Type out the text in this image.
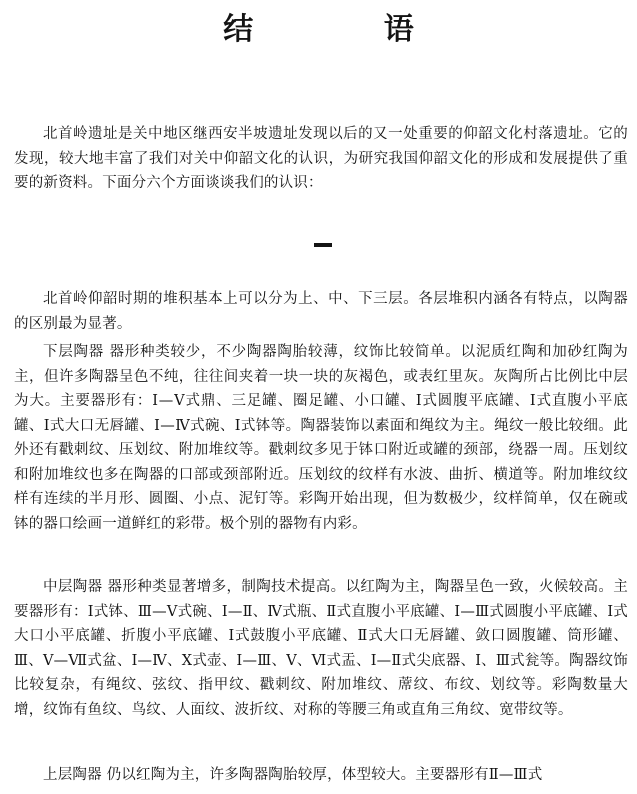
结 语

北首岭遗址是关中地区继西安半坡遗址发现以后的又一处重要的仰韶文化村落遗址。它的发现，较大地丰富了我们对关中仰韶文化的认识，为研究我国仰韶文化的形成和发展提供了重要的新资料。下面分六个方面谈谈我们的认识：

北首岭仰韶时期的堆积基本上可以分为上、中、下三层。各层堆积内涵各有特点，以陶器的区别最为显著。

下层陶器 器形种类较少，不少陶器陶胎较薄，纹饰比较简单。以泥质红陶和加砂红陶为主，但许多陶器呈色不纯，往往间夹着一块一块的灰褐色，或表红里灰。灰陶所占比例比中层为大。主要器形有：Ⅰ—Ⅴ式鼎、三足罐、圈足罐、小口罐、Ⅰ式圆腹平底罐、Ⅰ式直腹小平底罐、Ⅰ式大口无唇罐、Ⅰ—Ⅳ式碗、Ⅰ式钵等。陶器装饰以素面和绳纹为主。绳纹一般比较细。此外还有戳刺纹、压划纹、附加堆纹等。戳刺纹多见于钵口附近或罐的颈部，绕器一周。压划纹和附加堆纹也多在陶器的口部或颈部附近。压划纹的纹样有水波、曲折、横道等。附加堆纹纹样有连续的半月形、圆圈、小点、泥钉等。彩陶开始出现，但为数极少，纹样简单，仅在碗或钵的器口绘画一道鲜红的彩带。极个别的器物有内彩。

中层陶器 器形种类显著增多，制陶技术提高。以红陶为主，陶器呈色一致，火候较高。主要器形有：Ⅰ式钵、Ⅲ—Ⅴ式碗、Ⅰ—Ⅱ、Ⅳ式瓶、Ⅱ式直腹小平底罐、Ⅰ—Ⅲ式圆腹小平底罐、Ⅰ式大口小平底罐、折腹小平底罐、Ⅰ式鼓腹小平底罐、Ⅱ式大口无唇罐、敛口圆腹罐、筒形罐、Ⅲ、Ⅴ—Ⅶ式盆、Ⅰ—Ⅳ、Ⅹ式壶、Ⅰ—Ⅲ、Ⅴ、Ⅵ式盂、Ⅰ—Ⅱ式尖底器、Ⅰ、Ⅲ式瓮等。陶器纹饰比较复杂，有绳纹、弦纹、指甲纹、戳刺纹、附加堆纹、蓆纹、布纹、划纹等。彩陶数量大增，纹饰有鱼纹、鸟纹、人面纹、波折纹、对称的等腰三角或直角三角纹、宽带纹等。

上层陶器 仍以红陶为主，许多陶器陶胎较厚，体型较大。主要器形有Ⅱ—Ⅲ式
